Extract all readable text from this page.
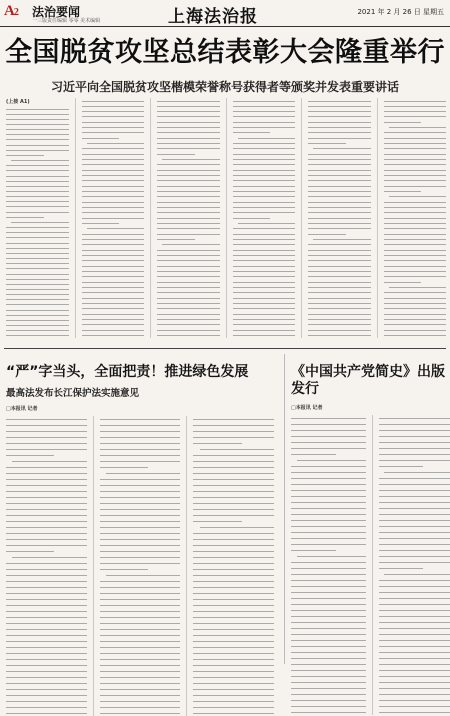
A2 法治要闻
一三版责任编辑 零零 美术编辑	上海法治报	2021 年 2 月 26 日 星期五
全国脱贫攻坚总结表彰大会隆重举行
习近平向全国脱贫攻坚楷模荣誉称号获得者等颁奖并发表重要讲话
(上接 A1)
“严”字当头，全面把责！推进绿色发展
最高法发布长江保护法实施意见
□本报讯 记者
《中国共产党简史》出版发行
□本报讯 记者
